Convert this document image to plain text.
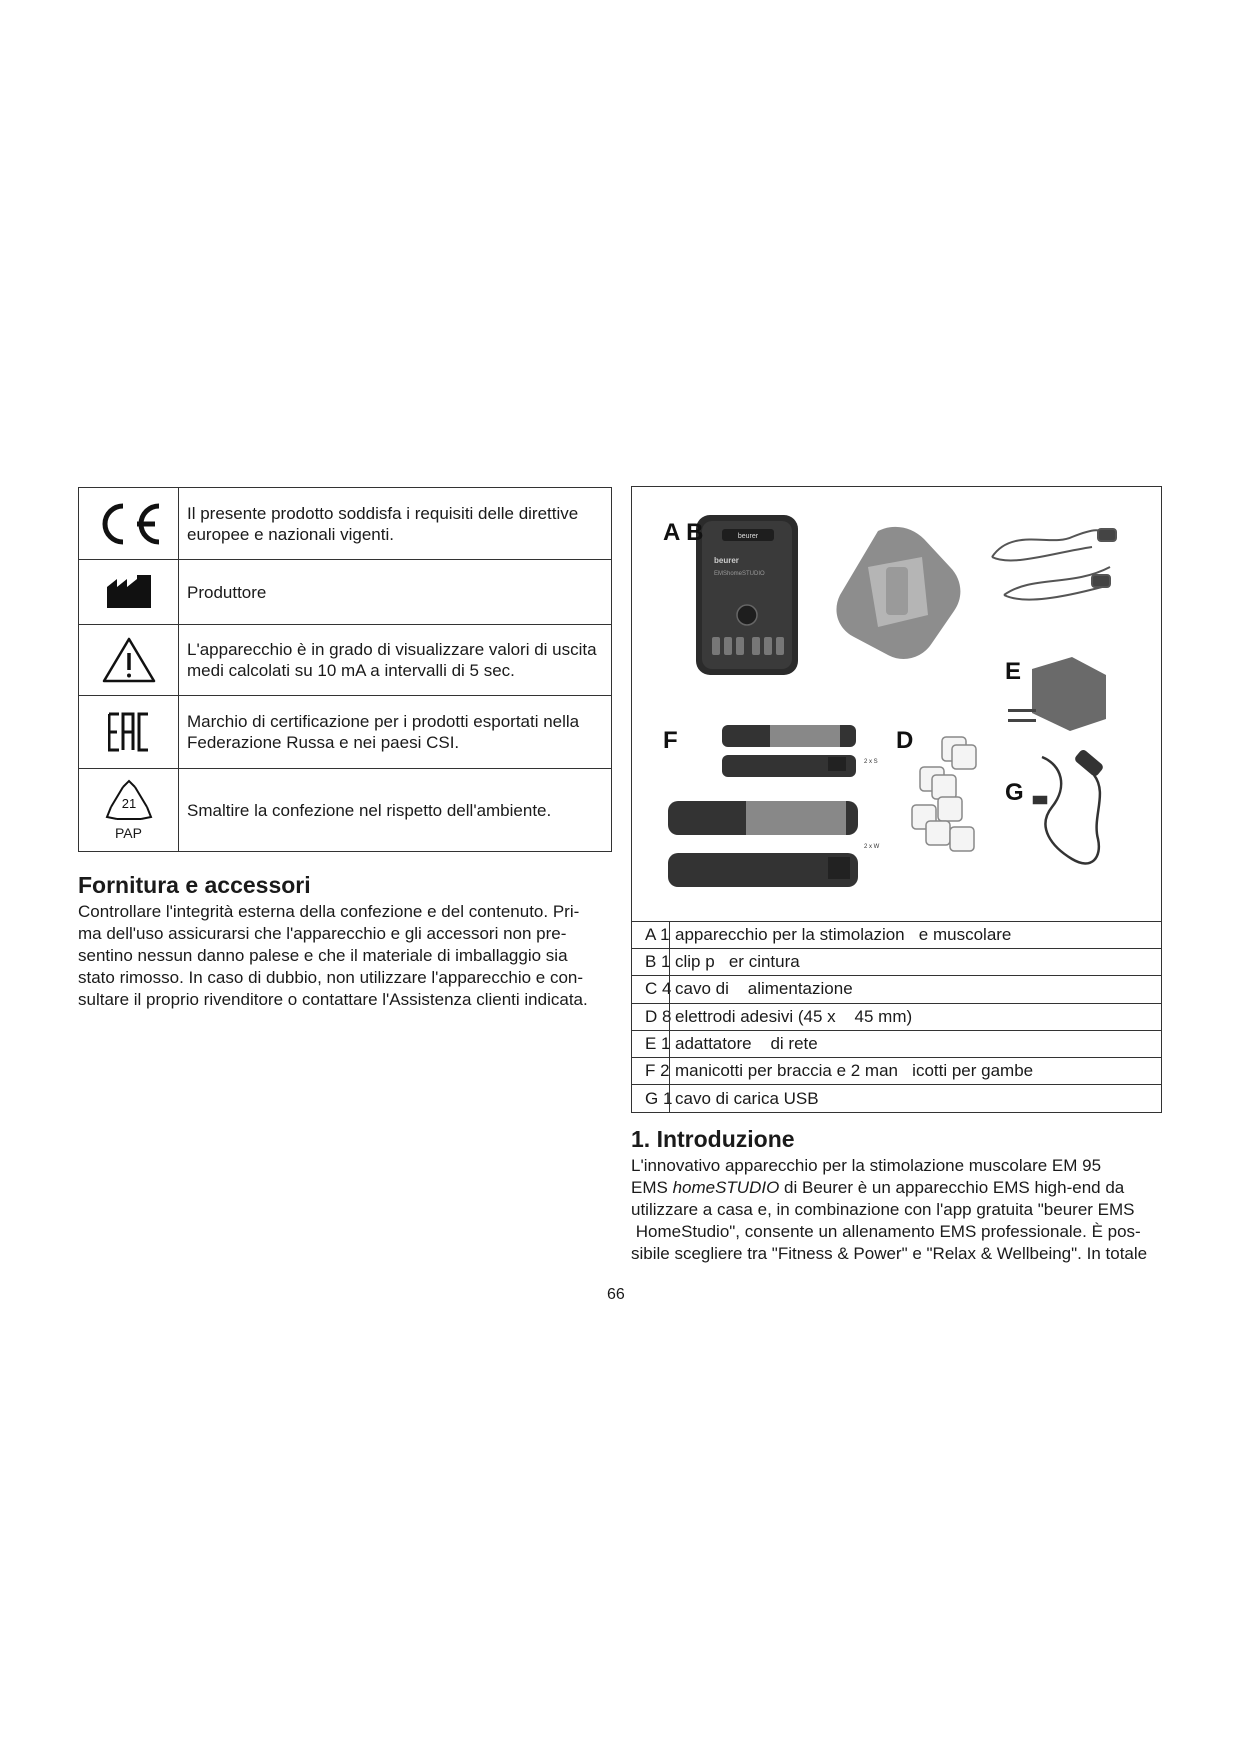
Il presente prodotto soddisfa i requisiti delle direttive europee e nazionali vigenti.
Produttore
L'apparecchio è in grado di visualizzare valori di uscita medi calcolati su 10 mA a intervalli di 5 sec.
Marchio di certificazione per i prodotti esportati nella Federazione Russa e nei paesi CSI.
21
PAP
Smaltire la confezione nel rispetto dell'ambiente.
Fornitura e accessori
Controllare l'integrità esterna della confezione e del contenuto. Pri-
ma dell'uso assicurarsi che l'apparecchio e gli accessori non pre-
sentino nessun danno palese e che il materiale di imballaggio sia
stato rimosso. In caso di dubbio, non utilizzare l'apparecchio e con-
sultare il proprio rivenditore o contattare l'Assistenza clienti indicata.
beurer
beurer
EMShomeSTUDIO
2 x S
2 x W
A B
D
E
F
G
A 1 apparecchio per la stimolazion   e muscolare
B 1 clip p   er cintura
C 4 cavo di    alimentazione
D 8 elettrodi adesivi (45 x    45 mm)
E 1 adattatore    di rete
F 2 manicotti per braccia e 2 man   icotti per gambe
G 1 cavo di carica USB
1. Introduzione
L'innovativo apparecchio per la stimolazione muscolare EM 95
EMS homeSTUDIO di Beurer è un apparecchio EMS high-end da
utilizzare a casa e, in combinazione con l'app gratuita "beurer EMS
HomeStudio", consente un allenamento EMS professionale. È pos-
sibile scegliere tra "Fitness & Power" e "Relax & Wellbeing". In totale
66
